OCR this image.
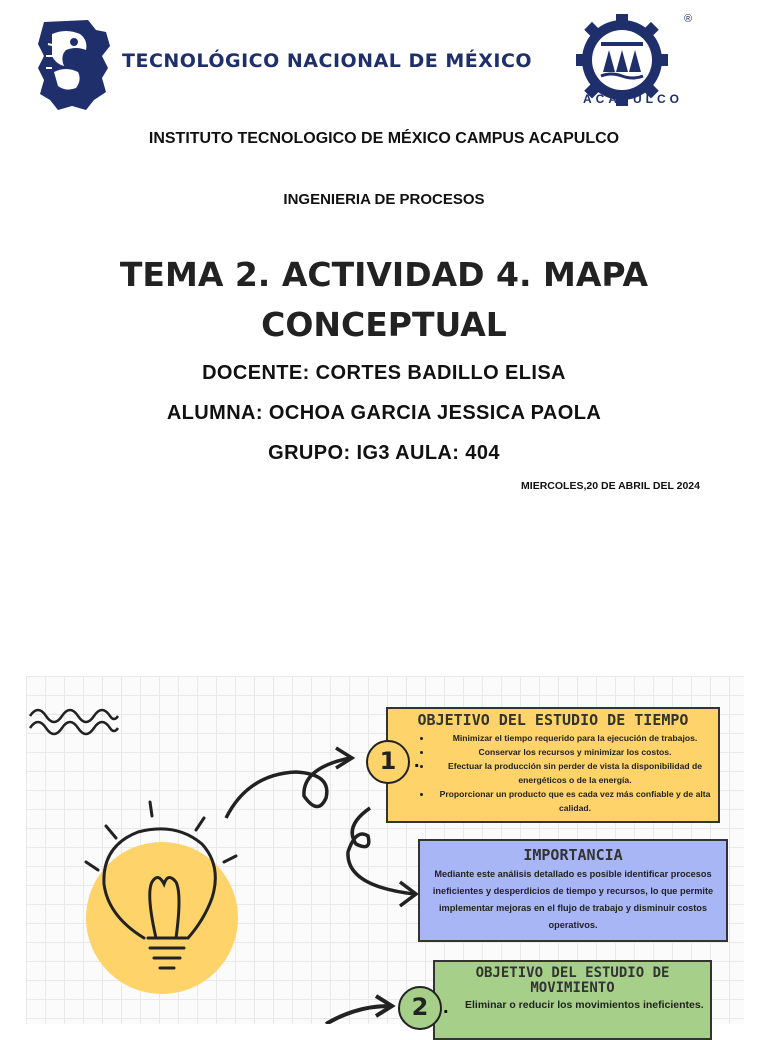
TECNOLÓGICO NACIONAL DE MÉXICO
®
ACAPULCO
INSTITUTO TECNOLOGICO DE MÉXICO CAMPUS ACAPULCO
INGENIERIA DE PROCESOS
TEMA 2. ACTIVIDAD 4. MAPA
CONCEPTUAL
DOCENTE: CORTES BADILLO ELISA
ALUMNA: OCHOA GARCIA JESSICA PAOLA
GRUPO: IG3 AULA: 404
MIERCOLES,20 DE ABRIL DEL 2024
OBJETIVO DEL ESTUDIO DE TIEMPO
• Minimizar el tiempo requerido para la ejecución de trabajos.
• Conservar los recursos y minimizar los costos.
• Efectuar la producción sin perder de vista la disponibilidad de energéticos o de la energía.
• Proporcionar un producto que es cada vez más confiable y de alta calidad.
1 .
IMPORTANCIA

Mediante este análisis detallado es posible identificar procesos ineficientes y desperdicios de tiempo y recursos, lo que permite implementar mejoras en el flujo de trabajo y disminuir costos operativos.

OBJETIVO DEL ESTUDIO DE MOVIMIENTO
Eliminar o reducir los movimientos ineficientes.
2 .
